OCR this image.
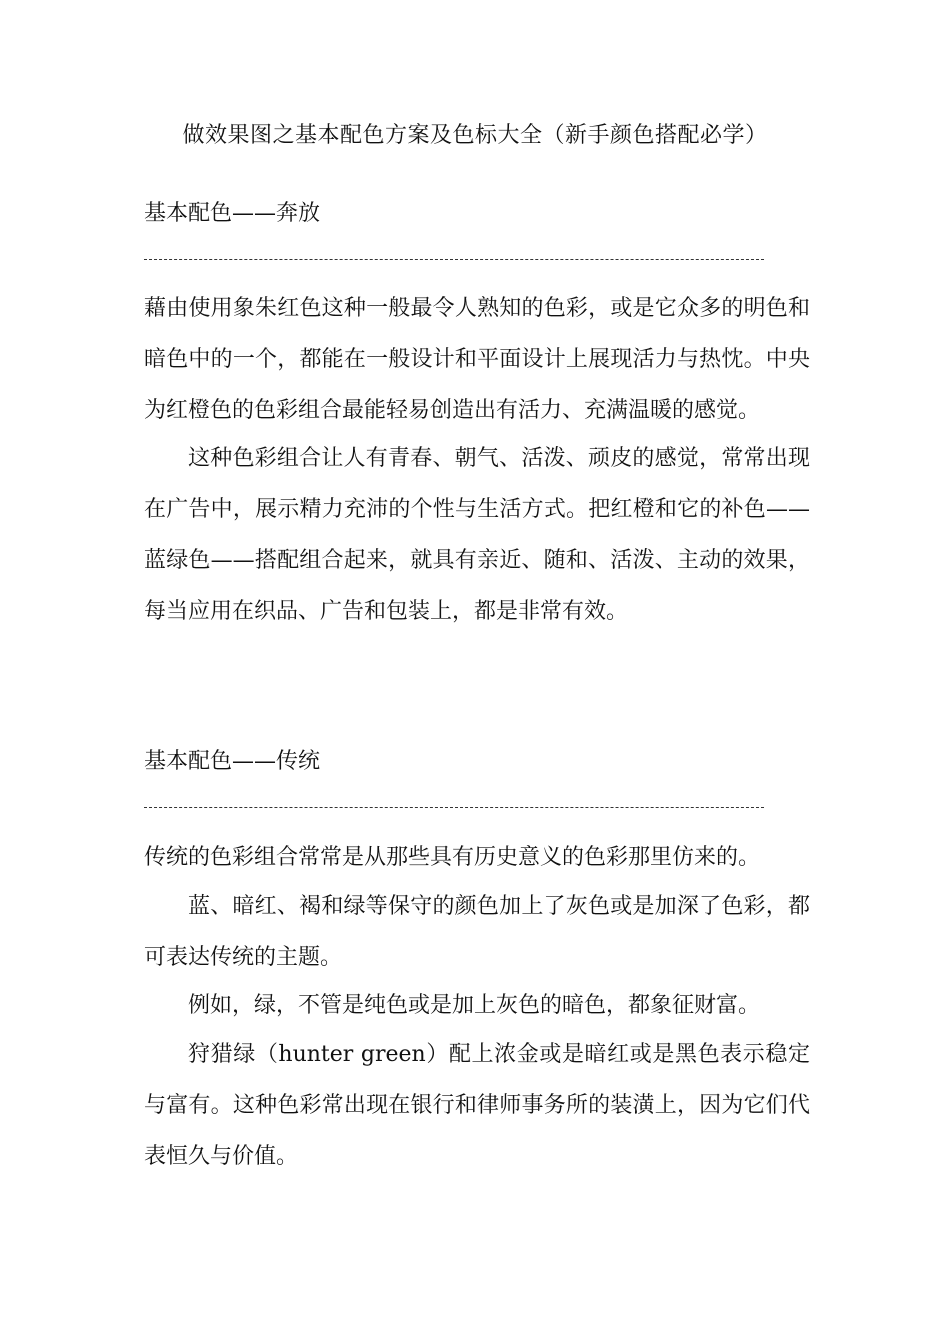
做效果图之基本配色方案及色标大全（新手颜色搭配必学）
基本配色——奔放
藉由使用象朱红色这种一般最令人熟知的色彩，或是它众多的明色和暗色中的一个，都能在一般设计和平面设计上展现活力与热忱。中央为红橙色的色彩组合最能轻易创造出有活力、充满温暖的感觉。
这种色彩组合让人有青春、朝气、活泼、顽皮的感觉，常常出现在广告中，展示精力充沛的个性与生活方式。把红橙和它的补色——蓝绿色——搭配组合起来，就具有亲近、随和、活泼、主动的效果，每当应用在织品、广告和包装上，都是非常有效。
基本配色——传统
传统的色彩组合常常是从那些具有历史意义的色彩那里仿来的。
蓝、暗红、褐和绿等保守的颜色加上了灰色或是加深了色彩，都可表达传统的主题。
例如，绿，不管是纯色或是加上灰色的暗色，都象征财富。
狩猎绿（hunter green）配上浓金或是暗红或是黑色表示稳定与富有。这种色彩常出现在银行和律师事务所的装潢上，因为它们代表恒久与价值。
